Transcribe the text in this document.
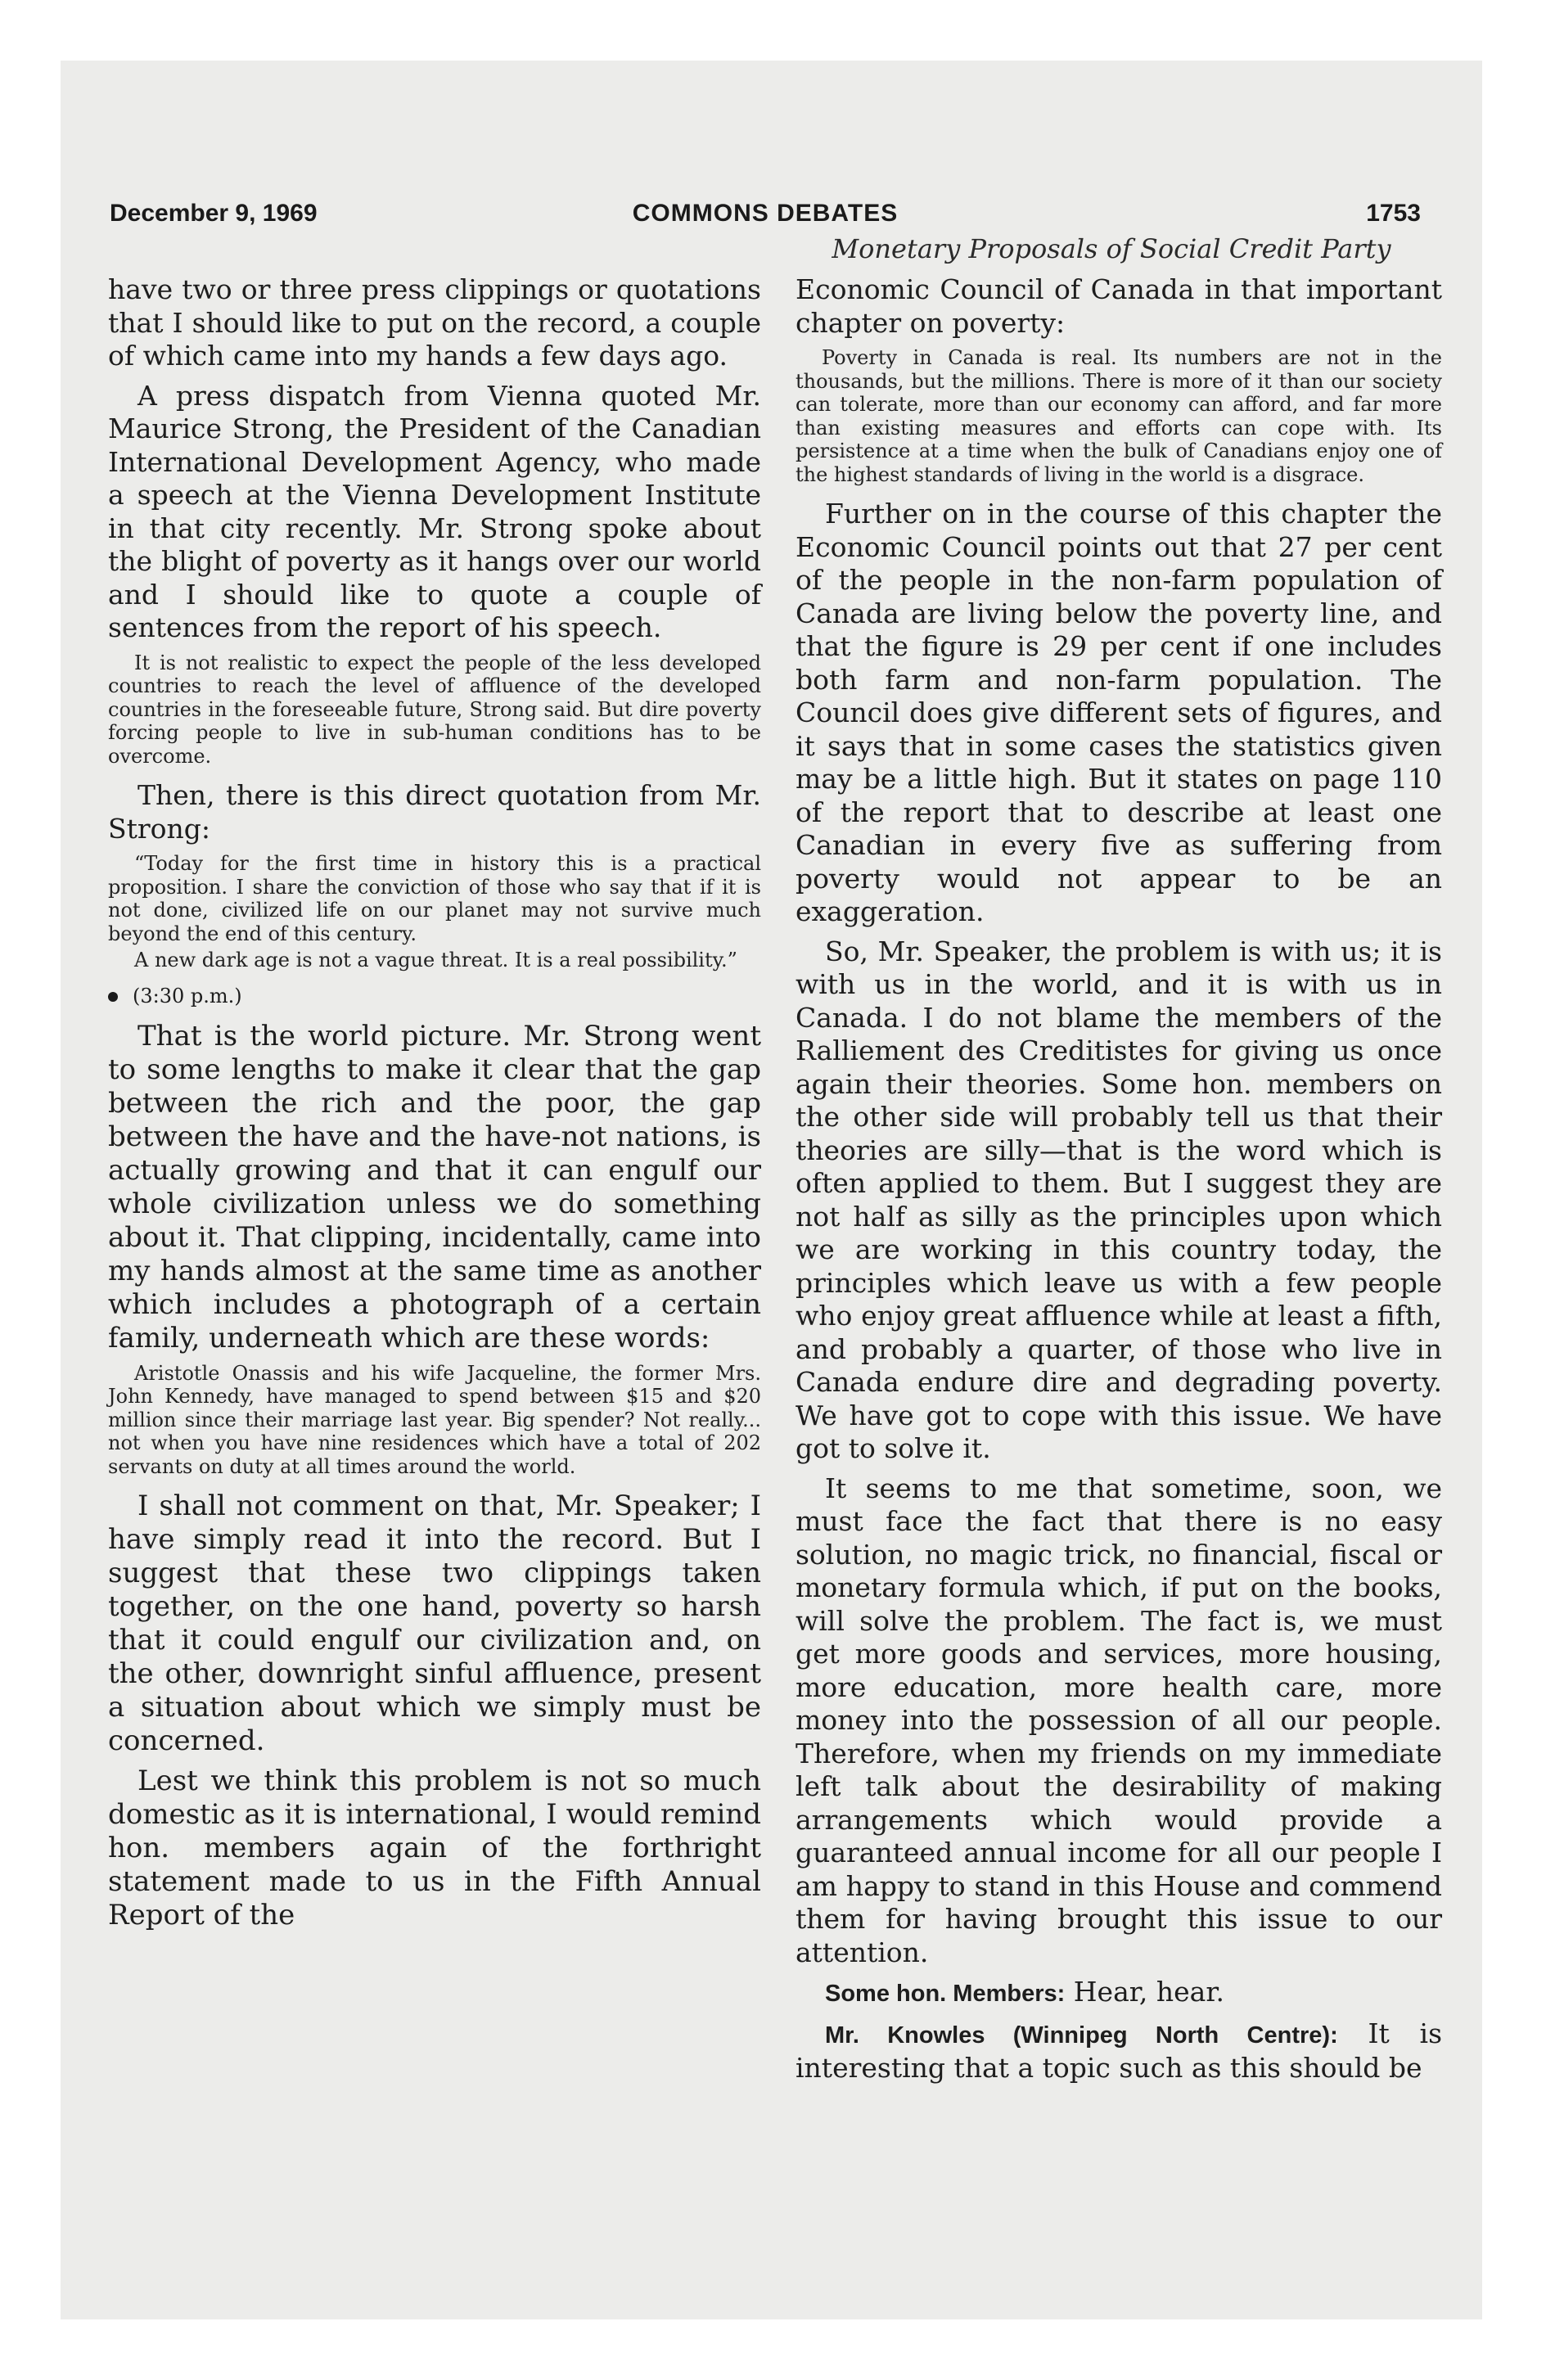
December 9, 1969	COMMONS DEBATES	1753
Monetary Proposals of Social Credit Party

have two or three press clippings or quotations that I should like to put on the record, a couple of which came into my hands a few days ago.

A press dispatch from Vienna quoted Mr. Maurice Strong, the President of the Canadian International Development Agency, who made a speech at the Vienna Development Institute in that city recently. Mr. Strong spoke about the blight of poverty as it hangs over our world and I should like to quote a couple of sentences from the report of his speech.

It is not realistic to expect the people of the less developed countries to reach the level of affluence of the developed countries in the foreseeable future, Strong said. But dire poverty forcing people to live in sub-human conditions has to be overcome.

Then, there is this direct quotation from Mr. Strong:

“Today for the first time in history this is a practical proposition. I share the conviction of those who say that if it is not done, civilized life on our planet may not survive much beyond the end of this century.

A new dark age is not a vague threat. It is a real possibility.”

(3:30 p.m.)

That is the world picture. Mr. Strong went to some lengths to make it clear that the gap between the rich and the poor, the gap between the have and the have-not nations, is actually growing and that it can engulf our whole civilization unless we do something about it. That clipping, incidentally, came into my hands almost at the same time as another which includes a photograph of a certain family, underneath which are these words:

Aristotle Onassis and his wife Jacqueline, the former Mrs. John Kennedy, have managed to spend between $15 and $20 million since their marriage last year. Big spender? Not really... not when you have nine residences which have a total of 202 servants on duty at all times around the world.

I shall not comment on that, Mr. Speaker; I have simply read it into the record. But I suggest that these two clippings taken together, on the one hand, poverty so harsh that it could engulf our civilization and, on the other, downright sinful affluence, present a situation about which we simply must be concerned.

Lest we think this problem is not so much domestic as it is international, I would remind hon. members again of the forthright statement made to us in the Fifth Annual Report of the

Economic Council of Canada in that important chapter on poverty:

Poverty in Canada is real. Its numbers are not in the thousands, but the millions. There is more of it than our society can tolerate, more than our economy can afford, and far more than existing measures and efforts can cope with. Its persistence at a time when the bulk of Canadians enjoy one of the highest standards of living in the world is a disgrace.

Further on in the course of this chapter the Economic Council points out that 27 per cent of the people in the non-farm population of Canada are living below the poverty line, and that the figure is 29 per cent if one includes both farm and non-farm population. The Council does give different sets of figures, and it says that in some cases the statistics given may be a little high. But it states on page 110 of the report that to describe at least one Canadian in every five as suffering from poverty would not appear to be an exaggeration.

So, Mr. Speaker, the problem is with us; it is with us in the world, and it is with us in Canada. I do not blame the members of the Ralliement des Creditistes for giving us once again their theories. Some hon. members on the other side will probably tell us that their theories are silly—that is the word which is often applied to them. But I suggest they are not half as silly as the principles upon which we are working in this country today, the principles which leave us with a few people who enjoy great affluence while at least a fifth, and probably a quarter, of those who live in Canada endure dire and degrading poverty. We have got to cope with this issue. We have got to solve it.

It seems to me that sometime, soon, we must face the fact that there is no easy solution, no magic trick, no financial, fiscal or monetary formula which, if put on the books, will solve the problem. The fact is, we must get more goods and services, more housing, more education, more health care, more money into the possession of all our people. Therefore, when my friends on my immediate left talk about the desirability of making arrangements which would provide a guaranteed annual income for all our people I am happy to stand in this House and commend them for having brought this issue to our attention.

Some hon. Members: Hear, hear.

Mr. Knowles (Winnipeg North Centre): It is interesting that a topic such as this should be
